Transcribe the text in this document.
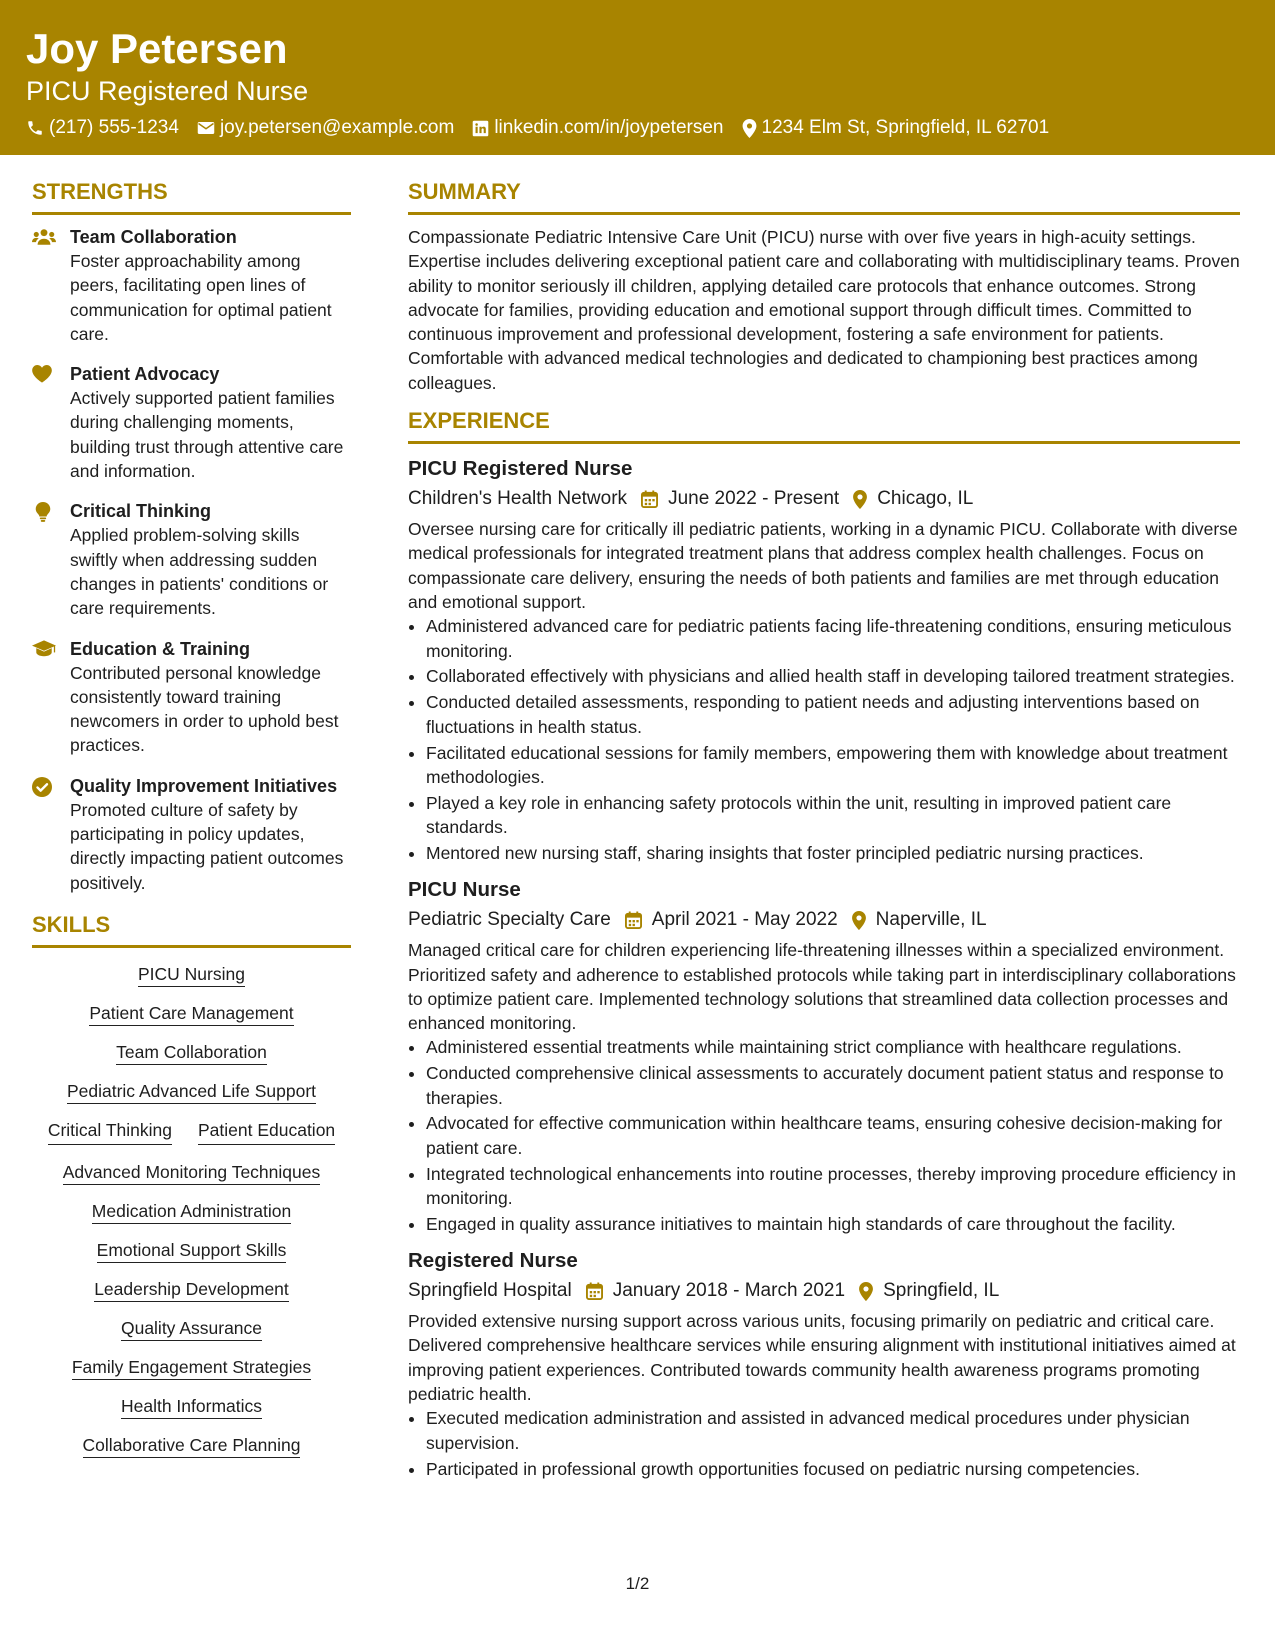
Joy Petersen
PICU Registered Nurse
(217) 555-1234 joy.petersen@example.com linkedin.com/in/joypetersen 1234 Elm St, Springfield, IL 62701
STRENGTHS
Team Collaboration
Foster approachability among peers, facilitating open lines of communication for optimal patient care.
Patient Advocacy
Actively supported patient families during challenging moments, building trust through attentive care and information.
Critical Thinking
Applied problem-solving skills swiftly when addressing sudden changes in patients' conditions or care requirements.
Education & Training
Contributed personal knowledge consistently toward training newcomers in order to uphold best practices.
Quality Improvement Initiatives
Promoted culture of safety by participating in policy updates, directly impacting patient outcomes positively.
SKILLS
PICU Nursing
Patient Care Management
Team Collaboration
Pediatric Advanced Life Support
Critical Thinking Patient Education
Advanced Monitoring Techniques
Medication Administration
Emotional Support Skills
Leadership Development
Quality Assurance
Family Engagement Strategies
Health Informatics
Collaborative Care Planning
SUMMARY
Compassionate Pediatric Intensive Care Unit (PICU) nurse with over five years in high-acuity settings. Expertise includes delivering exceptional patient care and collaborating with multidisciplinary teams. Proven ability to monitor seriously ill children, applying detailed care protocols that enhance outcomes. Strong advocate for families, providing education and emotional support through difficult times. Committed to continuous improvement and professional development, fostering a safe environment for patients. Comfortable with advanced medical technologies and dedicated to championing best practices among colleagues.
EXPERIENCE
PICU Registered Nurse
Children's Health Network June 2022 - Present Chicago, IL
Oversee nursing care for critically ill pediatric patients, working in a dynamic PICU. Collaborate with diverse medical professionals for integrated treatment plans that address complex health challenges. Focus on compassionate care delivery, ensuring the needs of both patients and families are met through education and emotional support.
• Administered advanced care for pediatric patients facing life-threatening conditions, ensuring meticulous monitoring.
• Collaborated effectively with physicians and allied health staff in developing tailored treatment strategies.
• Conducted detailed assessments, responding to patient needs and adjusting interventions based on fluctuations in health status.
• Facilitated educational sessions for family members, empowering them with knowledge about treatment methodologies.
• Played a key role in enhancing safety protocols within the unit, resulting in improved patient care standards.
• Mentored new nursing staff, sharing insights that foster principled pediatric nursing practices.
PICU Nurse
Pediatric Specialty Care April 2021 - May 2022 Naperville, IL
Managed critical care for children experiencing life-threatening illnesses within a specialized environment. Prioritized safety and adherence to established protocols while taking part in interdisciplinary collaborations to optimize patient care. Implemented technology solutions that streamlined data collection processes and enhanced monitoring.
• Administered essential treatments while maintaining strict compliance with healthcare regulations.
• Conducted comprehensive clinical assessments to accurately document patient status and response to therapies.
• Advocated for effective communication within healthcare teams, ensuring cohesive decision-making for patient care.
• Integrated technological enhancements into routine processes, thereby improving procedure efficiency in monitoring.
• Engaged in quality assurance initiatives to maintain high standards of care throughout the facility.
Registered Nurse
Springfield Hospital January 2018 - March 2021 Springfield, IL
Provided extensive nursing support across various units, focusing primarily on pediatric and critical care. Delivered comprehensive healthcare services while ensuring alignment with institutional initiatives aimed at improving patient experiences. Contributed towards community health awareness programs promoting pediatric health.
• Executed medication administration and assisted in advanced medical procedures under physician supervision.
• Participated in professional growth opportunities focused on pediatric nursing competencies.
1/2
